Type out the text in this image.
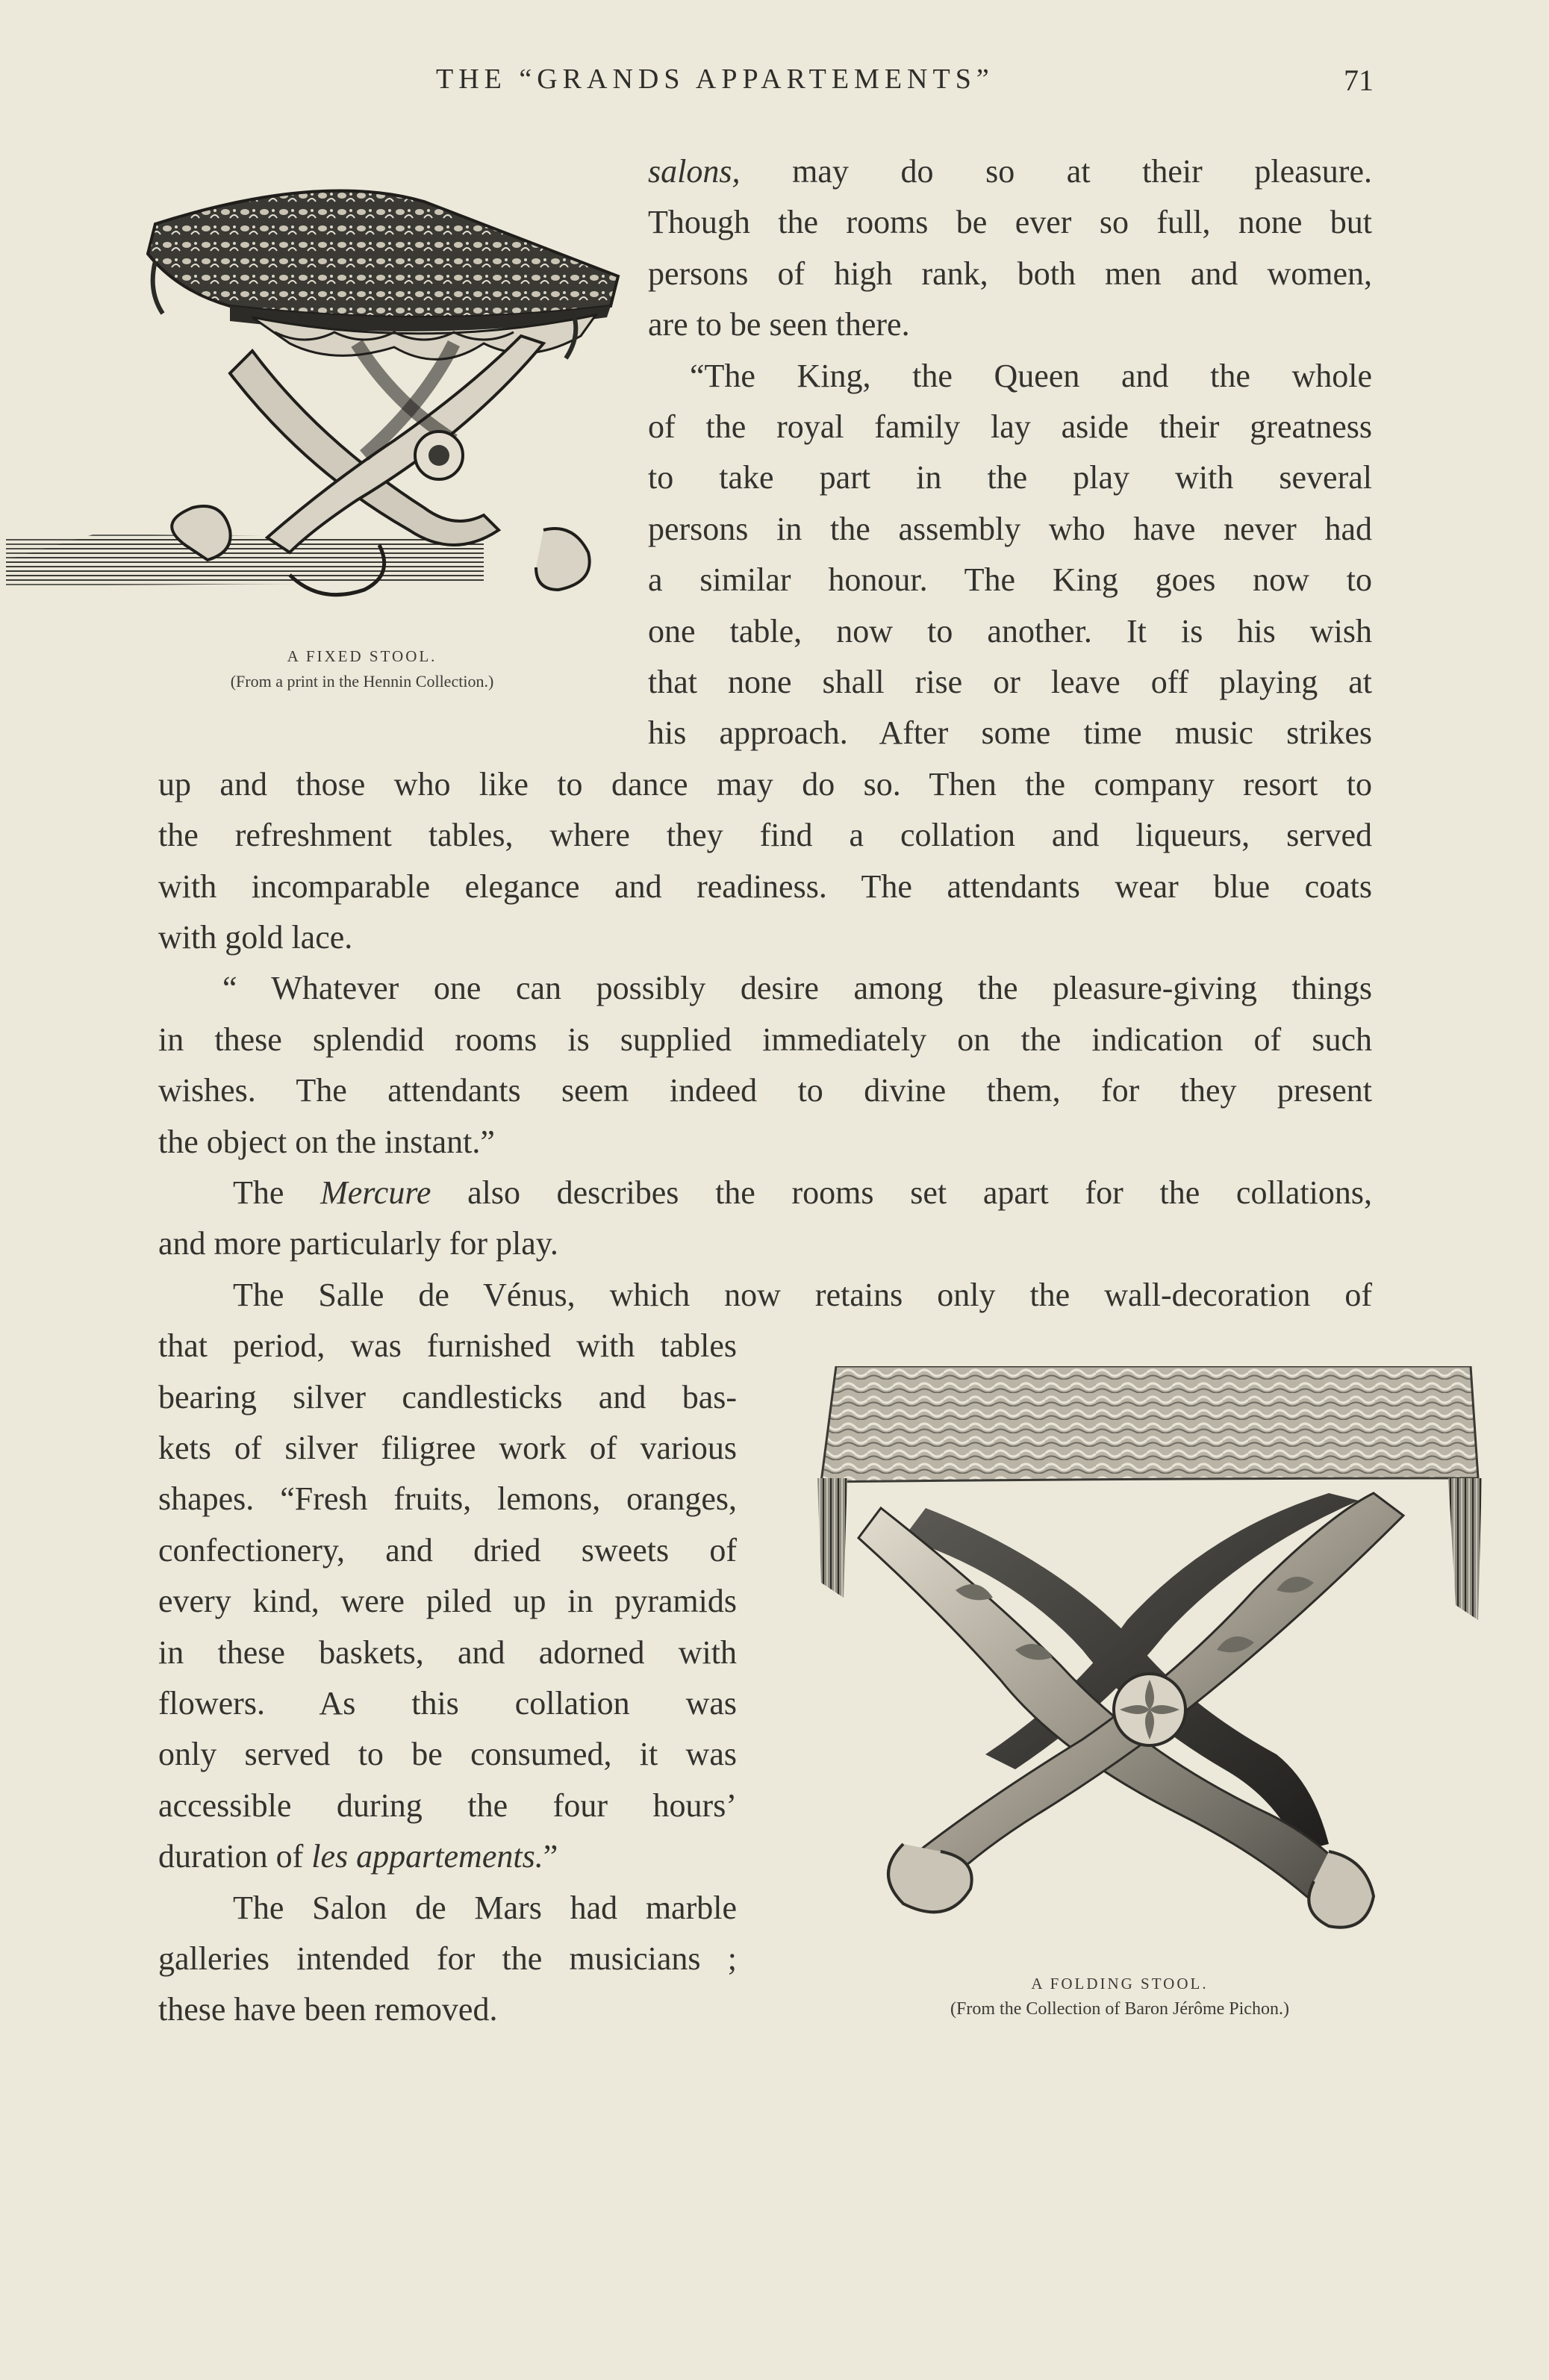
THE “GRANDS APPARTEMENTS”	71
A FIXED STOOL.
(From a print in the Hennin Collection.)
salons, may do so at their pleasure.
Though the rooms be ever so full, none but
persons of high rank, both men and women,
are to be seen there.
“The King, the Queen and the whole
of the royal family lay aside their greatness
to take part in the play with several
persons in the assembly who have never had
a similar honour. The King goes now to
one table, now to another. It is his wish
that none shall rise or leave off playing at
his approach. After some time music strikes
up and those who like to dance may do so. Then the company resort to
the refreshment tables, where they find a collation and liqueurs, served
with incomparable elegance and readiness. The attendants wear blue coats
with gold lace.
“ Whatever one can possibly desire among the pleasure-giving things
in these splendid rooms is supplied immediately on the indication of such
wishes. The attendants seem indeed to divine them, for they present
the object on the instant.”
The Mercure also describes the rooms set apart for the collations,
and more particularly for play.
The Salle de Vénus, which now retains only the wall-decoration of
that period, was furnished with tables
bearing silver candlesticks and bas-
kets of silver filigree work of various
shapes. “Fresh fruits, lemons, oranges,
confectionery, and dried sweets of
every kind, were piled up in pyramids
in these baskets, and adorned with
flowers. As this collation was
only served to be consumed, it was
accessible during the four hours’
duration of les appartements.”
The Salon de Mars had marble
galleries intended for the musicians ;
these have been removed.
A FOLDING STOOL.
(From the Collection of Baron Jérôme Pichon.)
